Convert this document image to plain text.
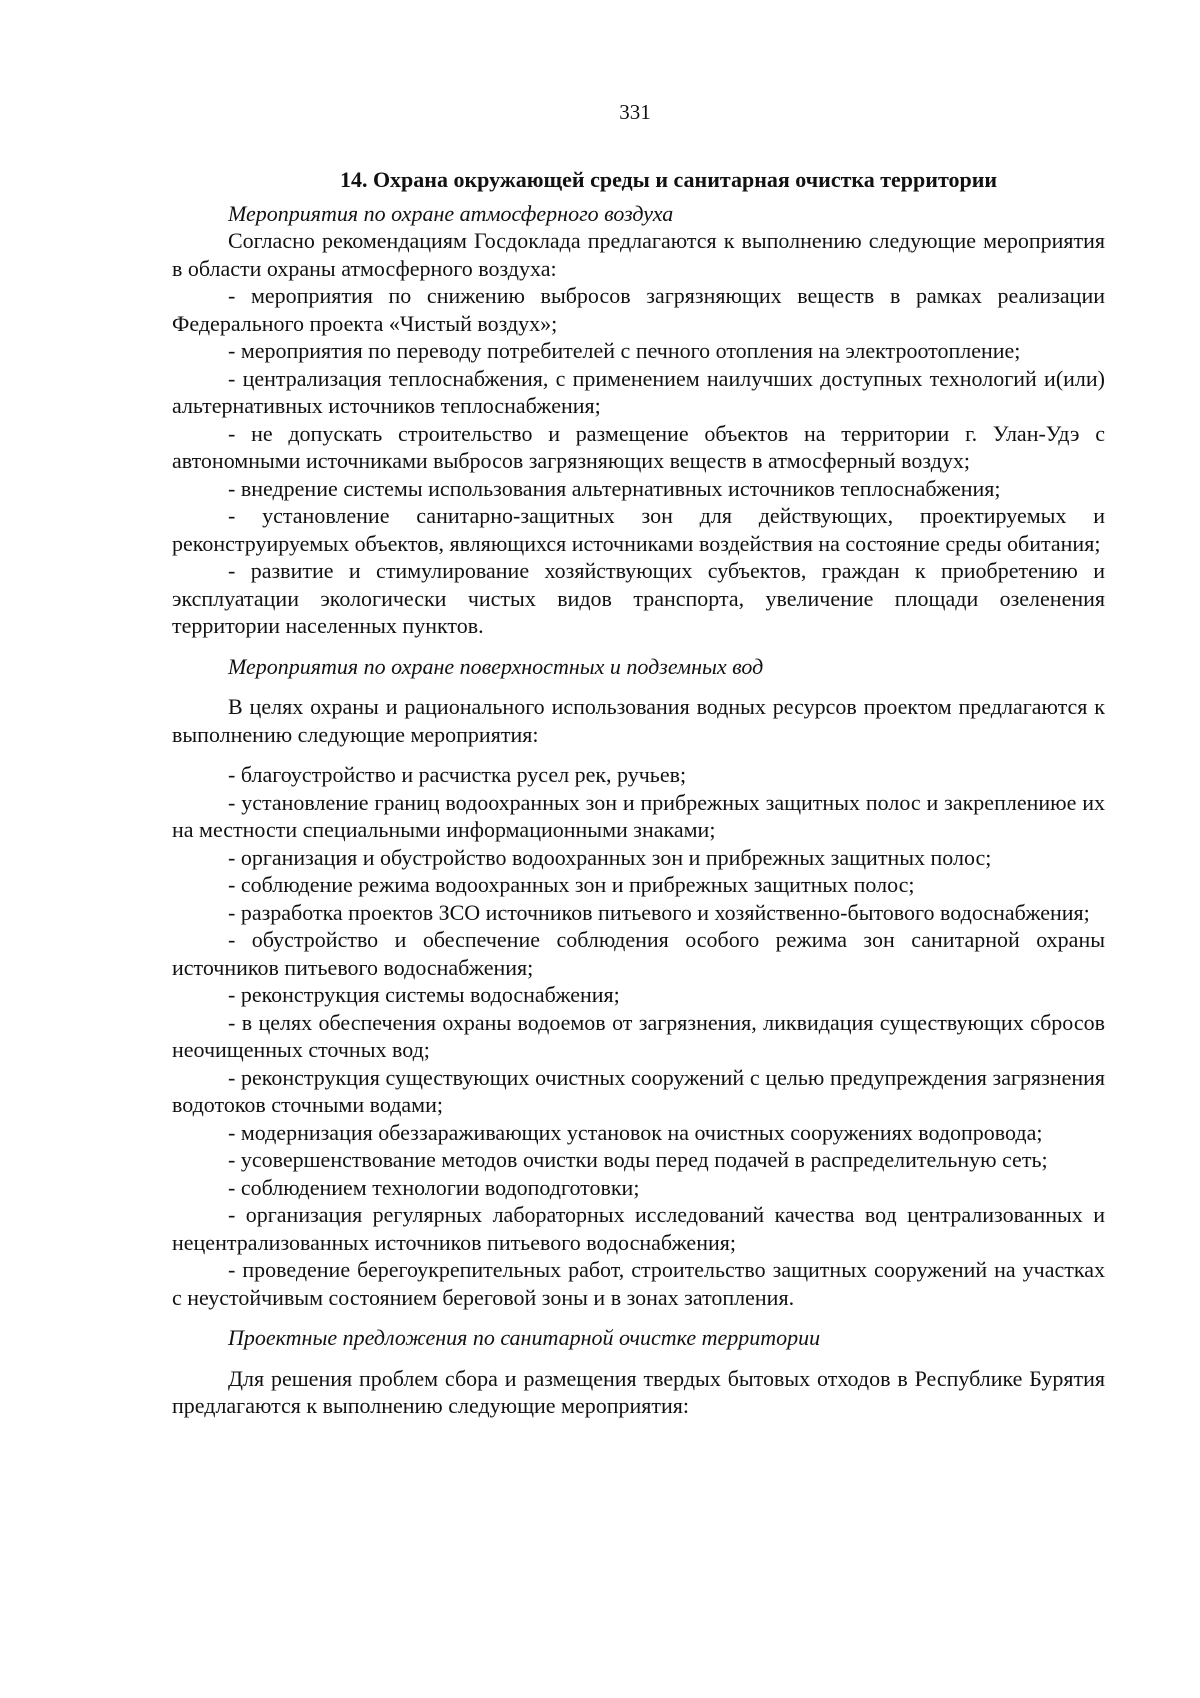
331

14. Охрана окружающей среды и санитарная очистка территории

Мероприятия по охране атмосферного воздуха

Согласно рекомендациям Госдоклада предлагаются к выполнению следующие мероприятия в области охраны атмосферного воздуха:

- мероприятия по снижению выбросов загрязняющих веществ в рамках реализации Федерального проекта «Чистый воздух»;

- мероприятия по переводу потребителей с печного отопления на электроотопление;

- централизация теплоснабжения, с применением наилучших доступных технологий и(или) альтернативных источников теплоснабжения;

- не допускать строительство и размещение объектов на территории г. Улан-Удэ с автономными источниками выбросов загрязняющих веществ в атмосферный воздух;

- внедрение системы использования альтернативных источников теплоснабжения;

- установление санитарно-защитных зон для действующих, проектируемых и реконструируемых объектов, являющихся источниками воздействия на состояние среды обитания;

- развитие и стимулирование хозяйствующих субъектов, граждан к приобретению и эксплуатации экологически чистых видов транспорта, увеличение площади озеленения территории населенных пунктов.

Мероприятия по охране поверхностных и подземных вод

В целях охраны и рационального использования водных ресурсов проектом предлагаются к выполнению следующие мероприятия:

- благоустройство и расчистка русел рек, ручьев;

- установление границ водоохранных зон и прибрежных защитных полос и закреплениюе их на местности специальными информационными знаками;

- организация и обустройство водоохранных зон и прибрежных защитных полос;

- соблюдение режима водоохранных зон и прибрежных защитных полос;

- разработка проектов ЗСО источников питьевого и хозяйственно-бытового водоснабжения;

- обустройство и обеспечение соблюдения особого режима зон санитарной охраны источников питьевого водоснабжения;

- реконструкция системы водоснабжения;

- в целях обеспечения охраны водоемов от загрязнения, ликвидация существующих сбросов неочищенных сточных вод;

- реконструкция существующих очистных сооружений с целью предупреждения загрязнения водотоков сточными водами;

- модернизация обеззараживающих установок на очистных сооружениях водопровода;

- усовершенствование методов очистки воды перед подачей в распределительную сеть;

- соблюдением технологии водоподготовки;

- организация регулярных лабораторных исследований качества вод централизованных и нецентрализованных источников питьевого водоснабжения;

- проведение берегоукрепительных работ, строительство защитных сооружений на участках с неустойчивым состоянием береговой зоны и в зонах затопления.

Проектные предложения по санитарной очистке территории

Для решения проблем сбора и размещения твердых бытовых отходов в Республике Бурятия предлагаются к выполнению следующие мероприятия:
